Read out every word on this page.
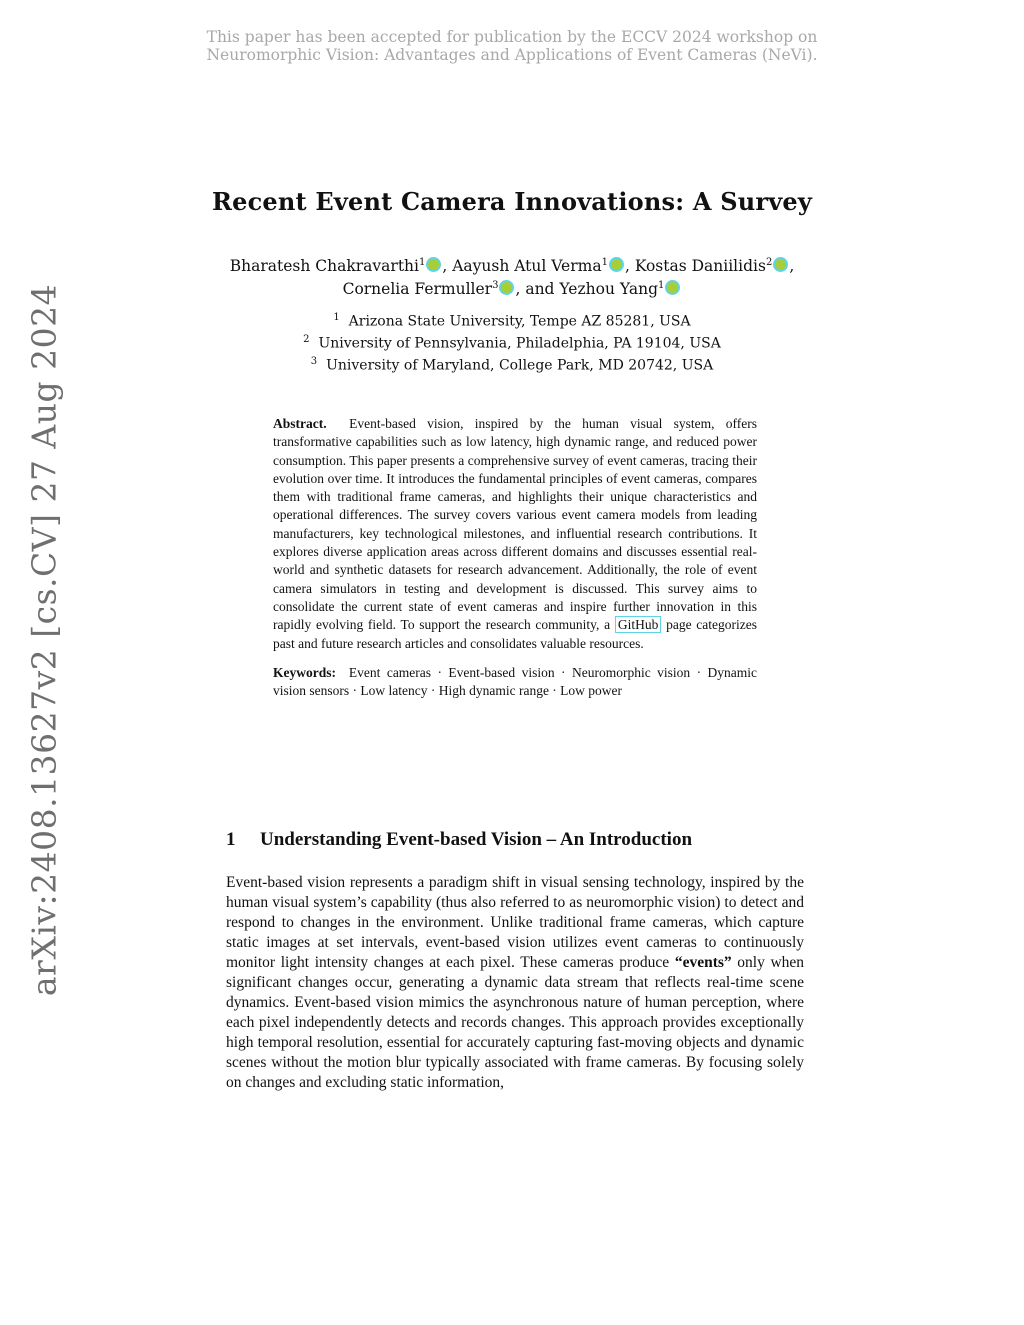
This paper has been accepted for publication by the ECCV 2024 workshop on
Neuromorphic Vision: Advantages and Applications of Event Cameras (NeVi).
arXiv:2408.13627v2 [cs.CV] 27 Aug 2024
Recent Event Camera Innovations: A Survey
Bharatesh Chakravarthi$^1$ , Aayush Atul Verma$^1$ , Kostas Daniilidis$^2$ ,
Cornelia Fermuller$^3$ , and Yezhou Yang$^1$
$^1$ Arizona State University, Tempe AZ 85281, USA
$^2$ University of Pennsylvania, Philadelphia, PA 19104, USA
$^3$ University of Maryland, College Park, MD 20742, USA

Abstract. Event-based vision, inspired by the human visual system, offers transformative capabilities such as low latency, high dynamic range, and reduced power consumption. This paper presents a comprehensive survey of event cameras, tracing their evolution over time. It introduces the fundamental principles of event cameras, compares them with traditional frame cameras, and highlights their unique characteristics and operational differences. The survey covers various event camera models from leading manufacturers, key technological milestones, and influential research contributions. It explores diverse application areas across different domains and discusses essential real-world and synthetic datasets for research advancement. Additionally, the role of event camera simulators in testing and development is discussed. This survey aims to consolidate the current state of event cameras and inspire further innovation in this rapidly evolving field. To support the research community, a GitHub page categorizes past and future research articles and consolidates valuable resources.

Keywords: Event cameras · Event-based vision · Neuromorphic vision · Dynamic vision sensors · Low latency · High dynamic range · Low power

1 Understanding Event-based Vision – An Introduction

Event-based vision represents a paradigm shift in visual sensing technology, inspired by the human visual system’s capability (thus also referred to as neuromorphic vision) to detect and respond to changes in the environment. Unlike traditional frame cameras, which capture static images at set intervals, event-based vision utilizes event cameras to continuously monitor light intensity changes at each pixel. These cameras produce “events” only when significant changes occur, generating a dynamic data stream that reflects real-time scene dynamics. Event-based vision mimics the asynchronous nature of human perception, where each pixel independently detects and records changes. This approach provides exceptionally high temporal resolution, essential for accurately capturing fast-moving objects and dynamic scenes without the motion blur typically associated with frame cameras. By focusing solely on changes and excluding static information,
